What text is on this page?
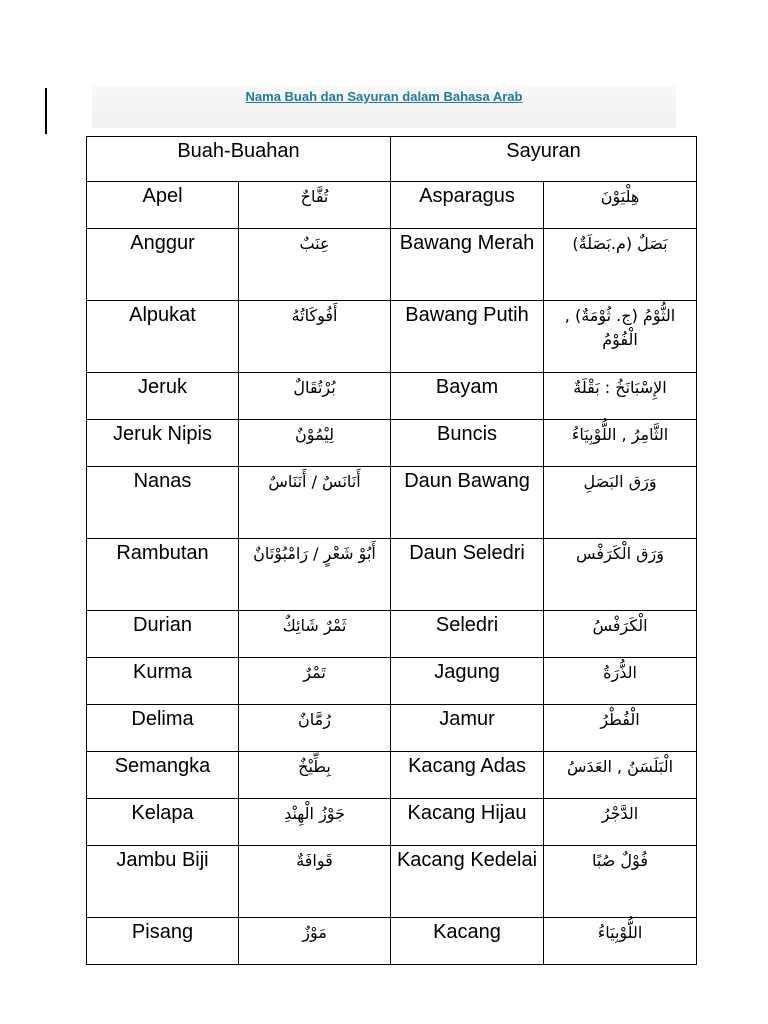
Nama Buah dan Sayuran dalam Bahasa Arab
Buah-Buahan		Sayuran	
Apel	تُفَّاحٌ	Asparagus	هِلْيَوْنَ
Anggur	عِنَبٌ	Bawang Merah	بَصَلٌ (م.بَصَلَةٌ)
Alpukat	أَفُوكَاتُهُ	Bawang Putih	الثُّوْمُ (ج. ثُوْمَةٌ) , الْفُوْمُ
Jeruk	بُرْتُقَالٌ	Bayam	الإِسْبَانَخُ : بَقْلَةٌ
Jeruk Nipis	لِيْمُوْنٌ	Buncis	الثَّامِرُ , اللُّوْبِيَاءُ
Nanas	أَنَانَسٌ / أَنَنَاسٌ	Daun Bawang	وَرَق البَصَلِ
Rambutan	أَبُوْ شَعْرٍ / رَامْبُوْتَانٌ	Daun Seledri	وَرَق الْكَرَفْس
Durian	ثَمْرٌ شَائِكٌ	Seledri	الْكَرَفْسُ
Kurma	تَمْرٌ	Jagung	الذُّرَةُ
Delima	رُمَّانٌ	Jamur	الْفُطْرُ
Semangka	بِطِّيْخٌ	Kacang Adas	الْبَلَسَنُ , العَدَسُ
Kelapa	جَوْزُ الْهِنْدِ	Kacang Hijau	الدَّجْرُ
Jambu Biji	قَوافَةٌ	Kacang Kedelai	فُوْلٌ صُبًا
Pisang	مَوْزٌ	Kacang	اللُّوْبِيَاءُ
